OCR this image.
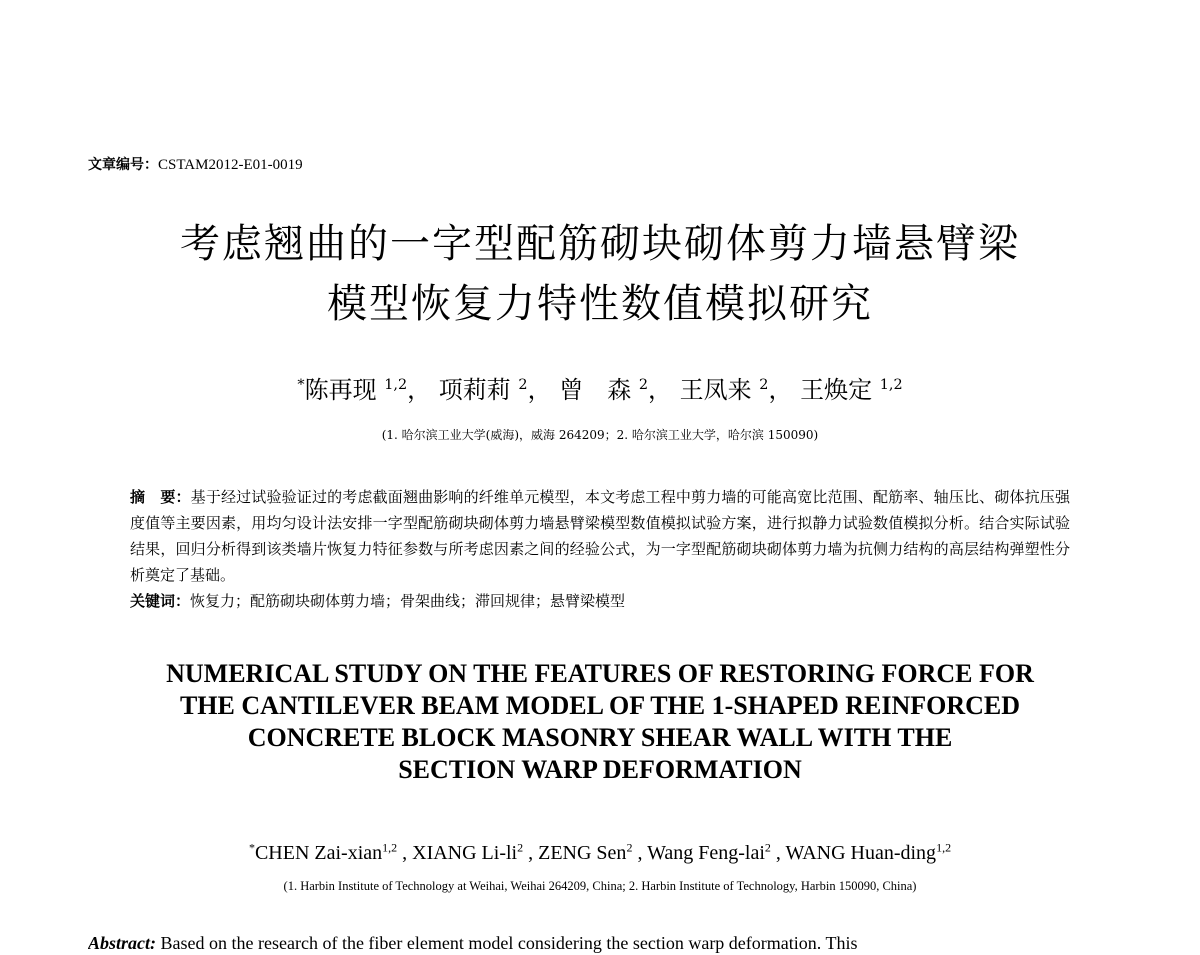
文章编号：CSTAM2012-E01-0019
考虑翘曲的一字型配筋砌块砌体剪力墙悬臂梁
模型恢复力特性数值模拟研究
*陈再现 $^{1,2}$， 项莉莉 $^2$， 曾　森 $^2$， 王凤来 $^2$， 王焕定 $^{1,2}$
(1. 哈尔滨工业大学(威海)，威海 264209；2. 哈尔滨工业大学，哈尔滨 150090)
摘　要：基于经过试验验证过的考虑截面翘曲影响的纤维单元模型，本文考虑工程中剪力墙的可能高宽比范围、配筋率、轴压比、砌体抗压强度值等主要因素，用均匀设计法安排一字型配筋砌块砌体剪力墙悬臂梁模型数值模拟试验方案，进行拟静力试验数值模拟分析。结合实际试验结果，回归分析得到该类墙片恢复力特征参数与所考虑因素之间的经验公式，为一字型配筋砌块砌体剪力墙为抗侧力结构的高层结构弹塑性分析奠定了基础。
关键词：恢复力；配筋砌块砌体剪力墙；骨架曲线；滞回规律；悬臂梁模型
NUMERICAL STUDY ON THE FEATURES OF RESTORING FORCE FOR
THE CANTILEVER BEAM MODEL OF THE 1-SHAPED REINFORCED
CONCRETE BLOCK MASONRY SHEAR WALL WITH THE
SECTION WARP DEFORMATION
*CHEN Zai-xian$^{1,2}$ , XIANG $Li-li^2$ , ZENG Sen$^2$ , Wang Feng-lai$^2$ , WANG Huan-ding$^{1,2}$
(1. Harbin Institute of Technology at Weihai, Weihai 264209, China; 2. Harbin Institute of Technology, Harbin 150090, China)
Abstract: Based on the research of the fiber element model considering the section warp deformation. This
